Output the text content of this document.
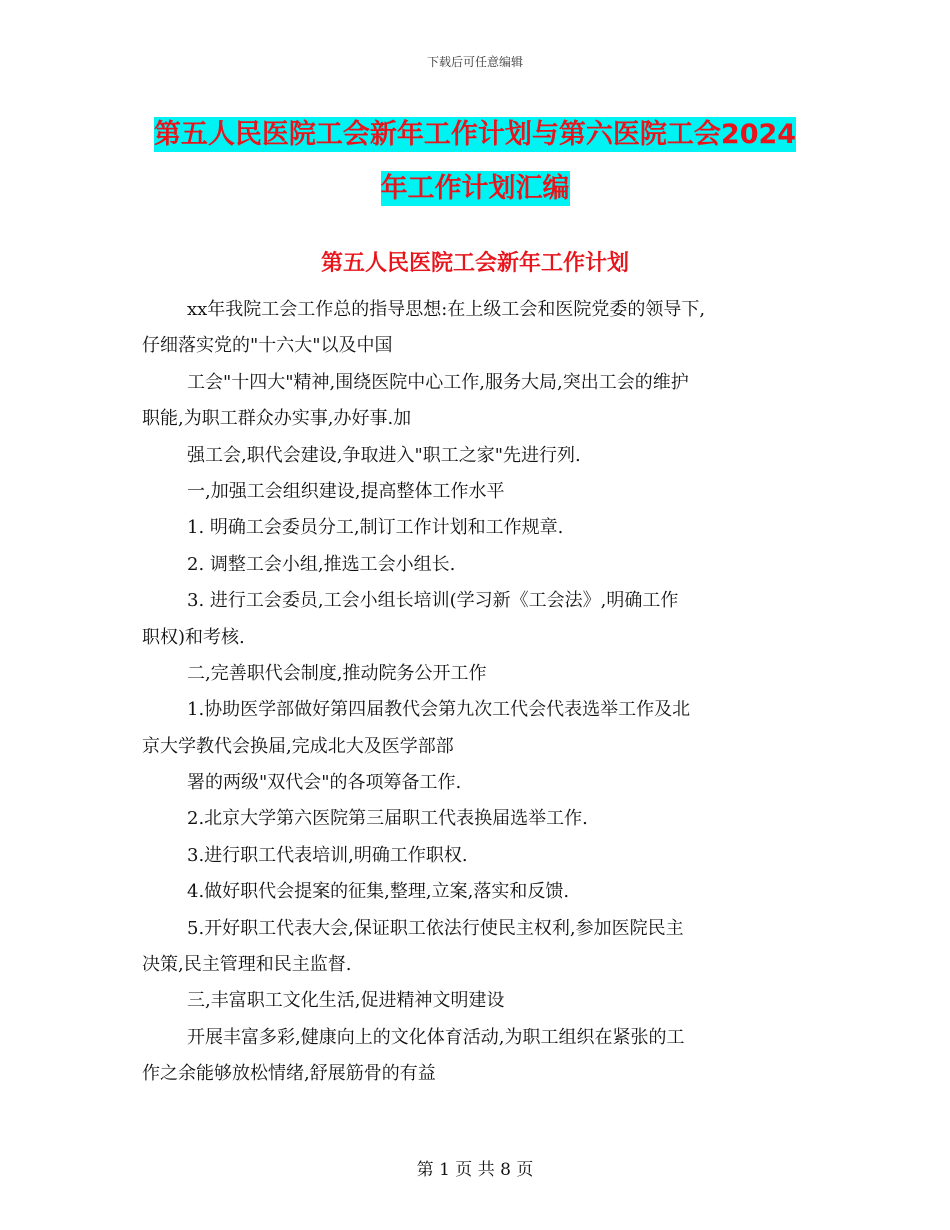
下载后可任意编辑
第五人民医院工会新年工作计划与第六医院工会2024
年工作计划汇编
第五人民医院工会新年工作计划
xx年我院工会工作总的指导思想:在上级工会和医院党委的领导下,
仔细落实党的"十六大"以及中国
工会"十四大"精神,围绕医院中心工作,服务大局,突出工会的维护
职能,为职工群众办实事,办好事.加
强工会,职代会建设,争取进入"职工之家"先进行列.
一,加强工会组织建设,提高整体工作水平
1. 明确工会委员分工,制订工作计划和工作规章.
2. 调整工会小组,推选工会小组长.
3. 进行工会委员,工会小组长培训(学习新《工会法》,明确工作
职权)和考核.
二,完善职代会制度,推动院务公开工作
1.协助医学部做好第四届教代会第九次工代会代表选举工作及北
京大学教代会换届,完成北大及医学部部
署的两级"双代会"的各项筹备工作.
2.北京大学第六医院第三届职工代表换届选举工作.
3.进行职工代表培训,明确工作职权.
4.做好职代会提案的征集,整理,立案,落实和反馈.
5.开好职工代表大会,保证职工依法行使民主权利,参加医院民主
决策,民主管理和民主监督.
三,丰富职工文化生活,促进精神文明建设
开展丰富多彩,健康向上的文化体育活动,为职工组织在紧张的工
作之余能够放松情绪,舒展筋骨的有益
第 1 页 共 8 页
